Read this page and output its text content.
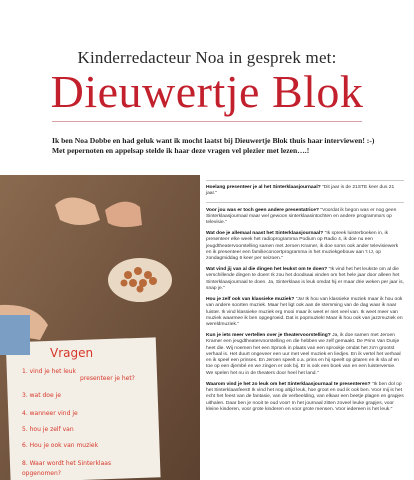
Kinderredacteur Noa in gesprek met:
Dieuwertje Blok
Ik ben Noa Dobbe en had geluk want ik mocht laatst bij Dieuwertje Blok thuis haar interviewen! :-)
Met pepernoten en appelsap stelde ik haar deze vragen vel plezier met lezen….!
Vragen
1. vind je het leuk
presenteer je het?
3. wat doe je
4. wanneer vind je
5. hou je zelf van
6. Hou je ook van muziek
8. Waar wordt het Sinterklaas
opgenomen?

Hoelang presenteer je al het Sinterklaasjournaal? "Dit jaar is de 21STE keer dus 21 jaar."

Voor jou was er toch geen andere presentatrice? "Voordat ik begon was er nog geen Sinterklaasjournaal maar wel gewoon sinterklaasintochten en andere programma's op televisie."

Wat doe je allemaal naast het Sinterklaasjournaal? "Ik spreek luisterboeken in, ik presenteer elke week het radioprogramma Podium op Radio 4, ik doe nu een jeugdtheatervoorstelling samen met Jeroen Kramer, ik doe soms ook ander televisiewerk en ik presenteer een familieconcertprogramma in het muziekgebouw aan 't IJ, op zondagmiddag 6 keer per seizoen."

Wat vind jij van al die dingen het leukst om te doen? "Ik vind het het leukste om al die verschillende dingen te doen! Ik zou het doodsaai vinden om het hele jaar door alleen het Sinterklaasjournaal te doen. Ja, Sinterklaas is leuk omdat hij er maar drie weken per jaar is, snap je."

Hou je zelf ook van klassieke muziek? "Ja! Ik hou van klassieke muziek maar ik hou ook van andere soorten muziek. Maar het ligt ook aan de stemming van de dag waar ik naar luister. Ik vind klassieke muziek erg mooi maar ik weet er niet veel van. Ik weet meer van muziek waarmee ik ben opgegroeid. Dat is popmuziek! Maar ik hou ook van jazzmuziek en wereldmuziek."

Kun je iets meer vertellen over je theatervoorstelling? Ja, ik doe samen met Jeroen Kramer een jeugdtheatervoorstelling en die hebben we zelf gemaakt. De Prins Van Dunje heet die. Wij noemen het een Sprook in plaats van een sprookje omdat het zo'n grootst verhaal is. Het duurt ongeveer een uur met veel muziek en liedjes. En ik vertel het verhaal en ik speel een prinses. En Jeroen speelt o.a. prins en hij speelt op gitaren en ik sla af en toe op een djembé en we zingen er ook bij. Er is ook een boek van en een luisterversie. We spelen het nu in de theaters door heel het land."

Waarom vind je het zo leuk om het Sinterklaasjournaal te presenteren? "Ik ben dol op het Sinterklaasfeest! Ik vind het nog altijd leuk, hoe groot en oud ik ook ben. Voor mij is het echt het feest van de fantasie, van de verbeelding, van elkaar een beetje plagen en grapjes uithalen. Daar ben je nooit te oud voor! In het journaal zitten zoveel leuke grapjes, voor kleine kinderen, voor grote kinderen en voor grote mensen. Voor iedereen is het leuk."
